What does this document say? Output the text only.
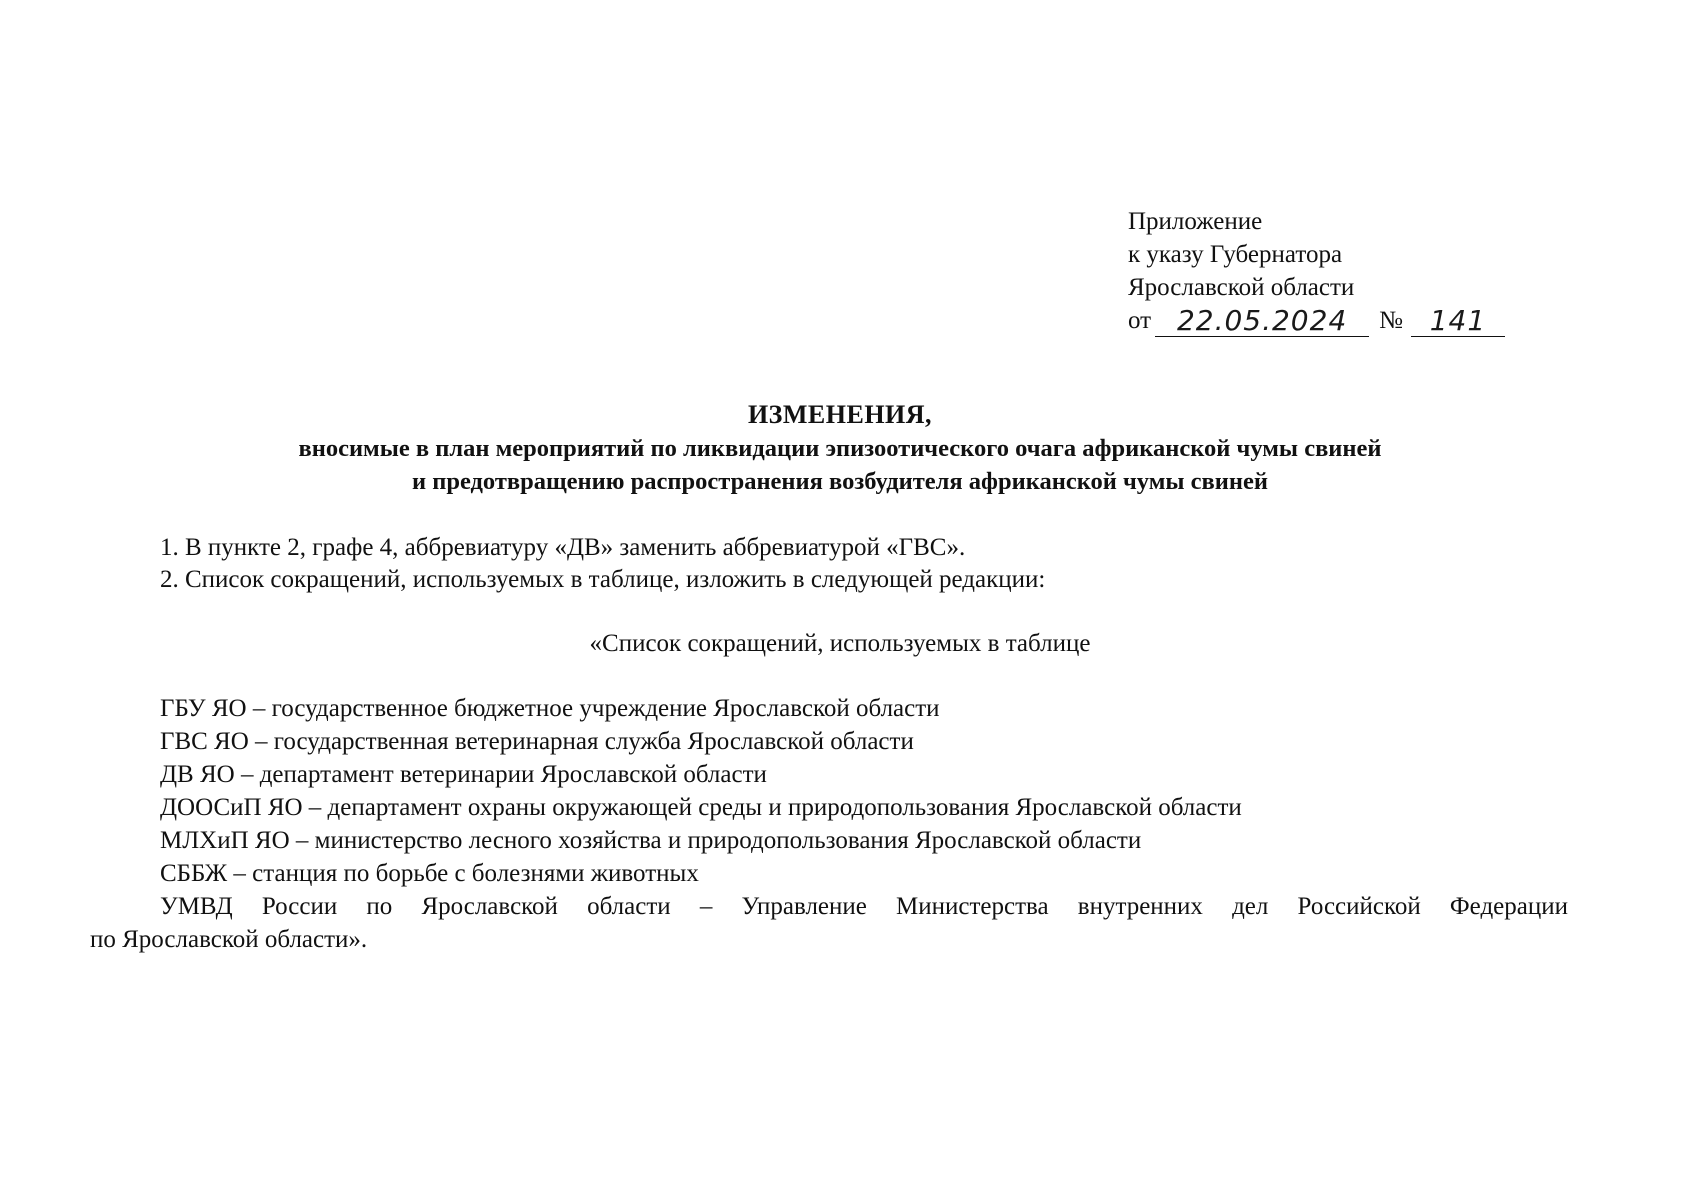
Приложение
к указу Губернатора
Ярославской области
от 22.05.2024	№ 141
ИЗМЕНЕНИЯ,
вносимые в план мероприятий по ликвидации эпизоотического очага африканской чумы свиней
и предотвращению распространения возбудителя африканской чумы свиней
1. В пункте 2, графе 4, аббревиатуру «ДВ» заменить аббревиатурой «ГВС».
2. Список сокращений, используемых в таблице, изложить в следующей редакции:
«Список сокращений, используемых в таблице
ГБУ ЯО – государственное бюджетное учреждение Ярославской области
ГВС ЯО – государственная ветеринарная служба Ярославской области
ДВ ЯО – департамент ветеринарии Ярославской области
ДООСиП ЯО – департамент охраны окружающей среды и природопользования Ярославской области
МЛХиП ЯО – министерство лесного хозяйства и природопользования Ярославской области
СББЖ – станция по борьбе с болезнями животных
УМВД России по Ярославской области – Управление Министерства внутренних дел Российской Федерации
по Ярославской области».
